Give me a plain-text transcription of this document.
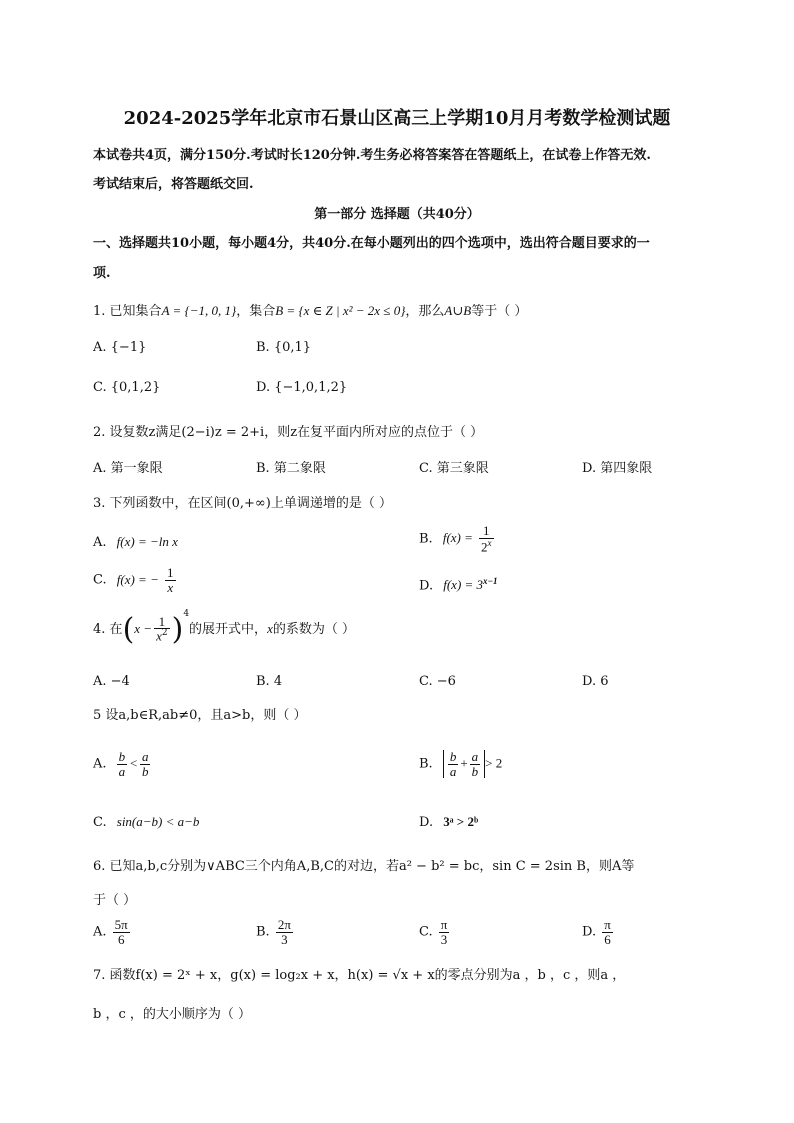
2024-2025学年北京市石景山区高三上学期10月月考数学检测试题
本试卷共4页，满分150分.考试时长120分钟.考生务必将答案答在答题纸上，在试卷上作答无效.
考试结束后，将答题纸交回.
第一部分 选择题（共40分）
一、选择题共10小题，每小题4分，共40分.在每小题列出的四个选项中，选出符合题目要求的一
项.
1. 已知集合A = {−1, 0, 1}，集合B = {x ∈ Z | x² − 2x ≤ 0}，那么A∪B等于（ ）
A. {−1}	B. {0,1}
C. {0,1,2}	D. {−1,0,1,2}
2. 设复数z满足(2−i)z = 2+i，则z在复平面内所对应的点位于（ ）
A. 第一象限	B. 第二象限	C. 第三象限	D. 第四象限
3. 下列函数中，在区间(0,+∞)上单调递增的是（ ）
A. f(x) = −ln x	B. $f(x) = \frac{1}{2^x}$
C. f(x) = − $\frac{1}{x}$	D. $f(x) = 3^{x-1}$
4. 在$(x - \frac{1}{x^2} )^4$的展开式中，x的系数为（ ）
A. −4	B. 4	C. −6	D. 6
5 设a,b∈R,ab≠0，且a>b，则（ ）
A. $\frac{b}{a} < \frac{a}{b}$	B. $\frac{b}{a} + \frac{a}{b} > 2$
C. sin(a−b) < a−b	D. 3ᵃ > 2ᵇ
6. 已知a,b,c分别为∨ABC三个内角A,B,C的对边，若a² − b² = bc，sin C = 2sin B，则A等
于（ ）
A. $\frac{5\pi}{6}$	B. $\frac{2\pi}{3}$	C. $\frac{\pi}{3}$	D. $\frac{\pi}{6}$
7. 函数f(x) = 2ˣ + x，g(x) = log₂x + x，h(x) = √x + x的零点分别为a ，b ，c ，则a ，
b ，c ，的大小顺序为（ ）
